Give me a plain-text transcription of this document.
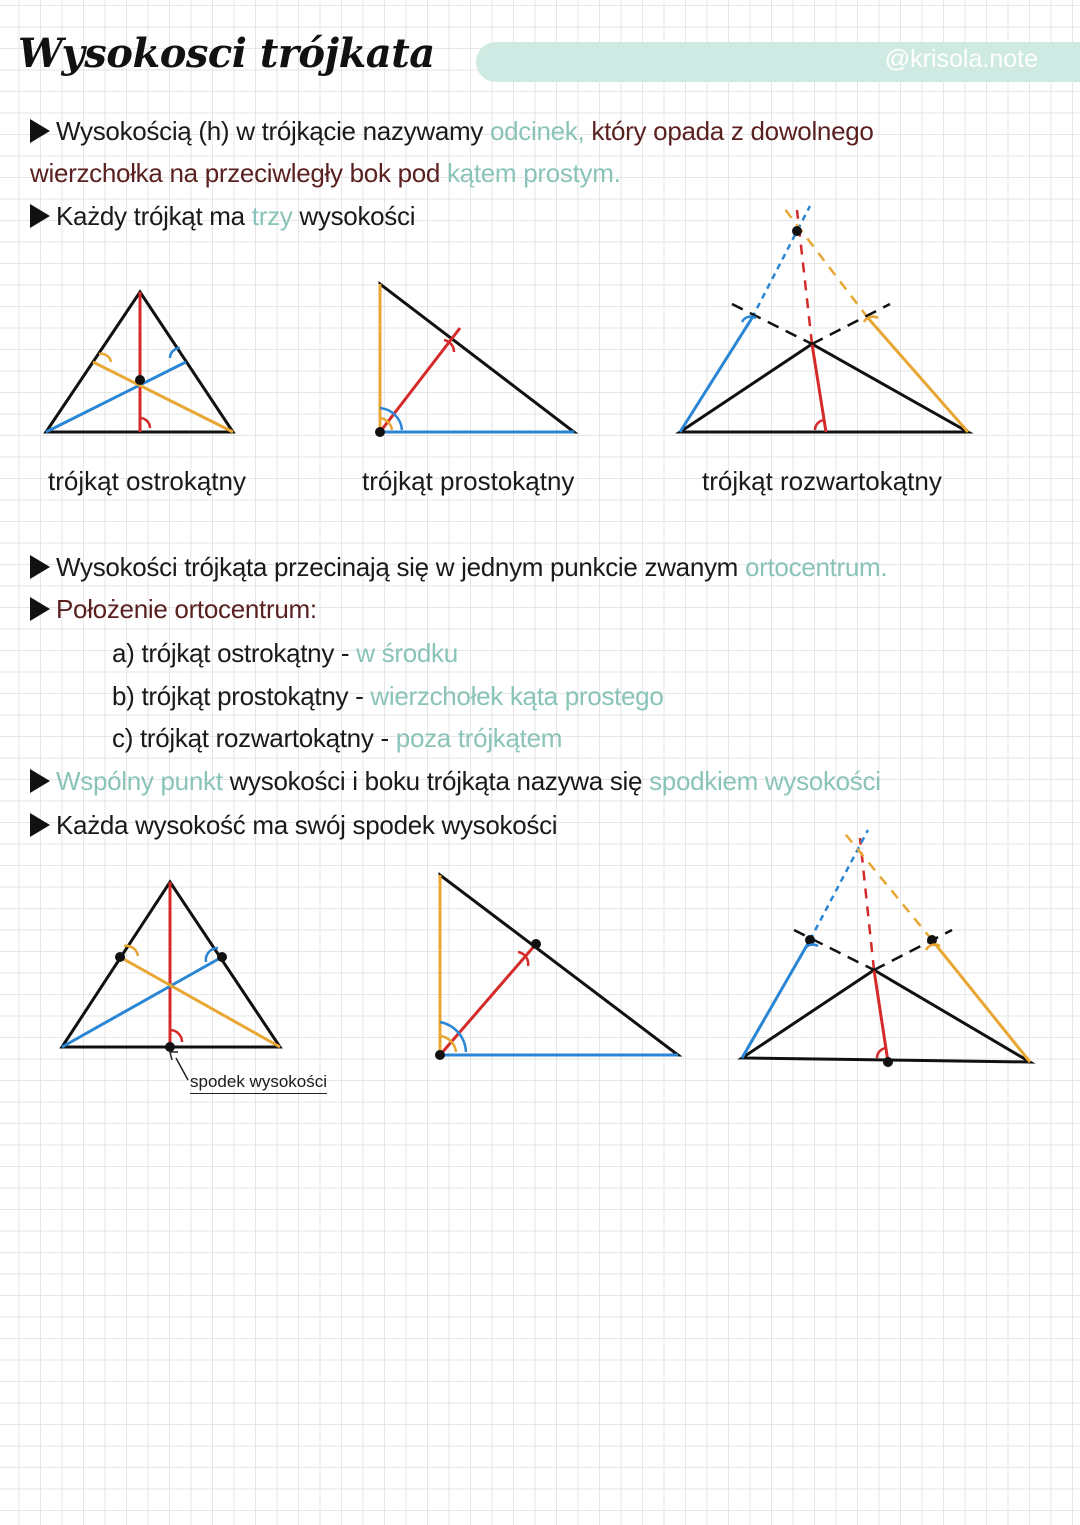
Wysokosci trójkata	@krisola.note
Wysokością (h) w trójkącie nazywamy odcinek, który opada z dowolnego
wierzchołka na przeciwległy bok pod kątem prostym.
Każdy trójkąt ma trzy wysokości
trójkąt ostrokątny	trójkąt prostokątny	trójkąt rozwartokątny
Wysokości trójkąta przecinają się w jednym punkcie zwanym ortocentrum.
Położenie ortocentrum:
a) trójkąt ostrokątny - w środku
b) trójkąt prostokątny - wierzchołek kąta prostego
c) trójkąt rozwartokątny - poza trójkątem
Wspólny punkt wysokości i boku trójkąta nazywa się spodkiem wysokości
Każda wysokość ma swój spodek wysokości
spodek wysokości
